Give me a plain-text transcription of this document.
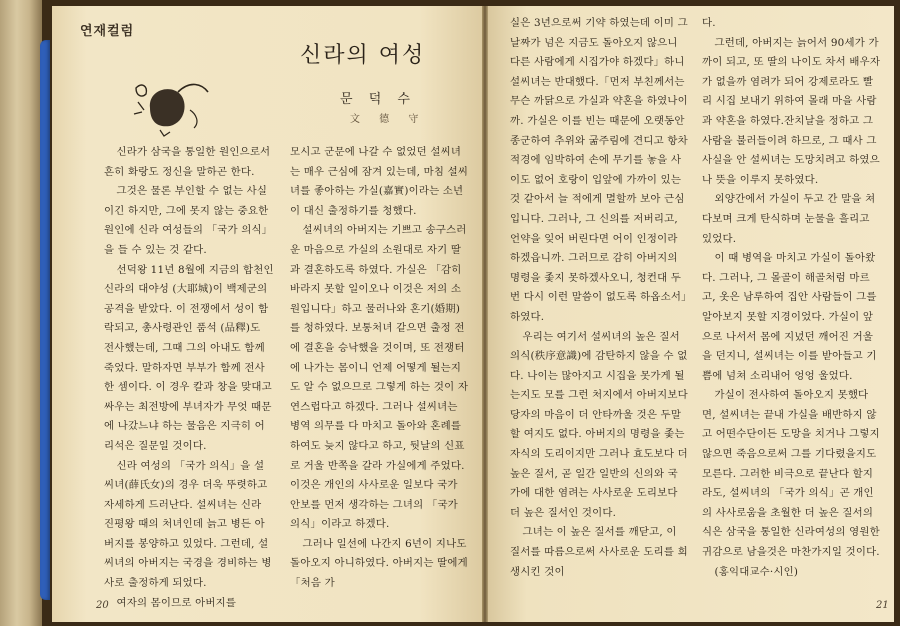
연재컬럼
신라의 여성
문 덕 수
文 德 守

신라가 삼국을 통일한 원인으로서 흔히 화랑도 정신을 말하곤 한다.

그것은 물론 부인할 수 없는 사실이긴 하지만, 그에 못지 않는 중요한 원인에 신라 여성들의 「국가 의식」을 들 수 있는 것 같다.

선덕왕 11년 8월에 지금의 합천인 신라의 대야성 (大耶城)이 백제군의 공격을 받았다. 이 전쟁에서 성이 함락되고, 총사령관인 품석 (品釋)도 전사했는데, 그때 그의 아내도 함께 죽었다. 말하자면 부부가 함께 전사한 셈이다. 이 경우 칼과 창을 맞대고 싸우는 최전방에 부녀자가 무엇 때문에 나갔느냐 하는 물음은 지극히 어리석은 질문일 것이다.

신라 여성의 「국가 의식」을 설씨녀(薛氏女)의 경우 더욱 뚜렷하고 자세하게 드러난다. 설씨녀는 신라 진평왕 때의 처녀인데 늙고 병든 아버지를 봉양하고 있었다. 그런데, 설씨녀의 아버지는 국경을 경비하는 병사로 출정하게 되었다.

여자의 몸이므로 아버지를

모시고 군문에 나갈 수 없었던 설씨녀는 매우 근심에 잠겨 있는데, 마침 설씨녀를 좋아하는 가실(嘉實)이라는 소년이 대신 출정하기를 청했다.

설씨녀의 아버지는 기쁘고 송구스러운 마음으로 가실의 소원대로 자기 딸과 결혼하도록 하였다. 가실은 「감히 바라지 못할 일이오나 이것은 저의 소원입니다」하고 물러나와 혼기(婚期)를 청하였다. 보통처녀 같으면 출정 전에 결혼을 승낙했을 것이며, 또 전쟁터에 나가는 몸이니 언제 어떻게 될는지도 알 수 없으므로 그렇게 하는 것이 자연스럽다고 하겠다. 그러나 설씨녀는 병역 의무를 다 마치고 돌아와 혼례를 하여도 늦지 않다고 하고, 둿날의 신표로 거울 반쪽을 갈라 가실에게 주었다. 이것은 개인의 사사로운 일보다 국가 안보를 먼저 생각하는 그녀의 「국가 의식」이라고 하겠다.

그러나 일선에 나간지 6년이 지나도 돌아오지 아니하였다. 아버지는 딸에게 「처음 가

실은 3년으로써 기약 하였는데 이미 그 날짜가 넘은 지금도 돌아오지 않으니 다른 사람에게 시집가야 하겠다」하니 설씨녀는 반대했다.「먼저 부친께서는 무슨 까닭으로 가실과 약혼을 하였나이까. 가실은 이를 빈는 때문에 오랫동안 종군하여 추위와 굶주림에 견디고 항차 적경에 임박하여 손에 무기를 놓을 사이도 없어 호랑이 입앞에 가까이 있는 것 같아서 늘 적에게 멸할까 보아 근심입니다. 그러나, 그 신의를 저버리고, 언약을 잊어 버린다면 어이 인정이라 하겠읍니까. 그러므로 감히 아버지의 명령을 좇지 못하겠사오니, 청컨대 두번 다시 이런 말씀이 없도록 하옵소서」하였다.

우리는 여기서 설씨녀의 높은 질서의식(秩序意識)에 감탄하지 않을 수 없다. 나이는 많아지고 시집을 못가게 될는지도 모를 그런 처지에서 아버지보다 당자의 마음이 더 안타까울 것은 두말할 여지도 없다. 아버지의 명령을 좇는 자식의 도리이지만 그러나 효도보다 더 높은 질서, 곧 일간 일반의 신의와 국가에 대한 염려는 사사로운 도리보다 더 높은 질서인 것이다.

그녀는 이 높은 질서를 깨닫고, 이 질서를 따름으로써 사사로운 도리를 희생시킨 것이

다.

그런데, 아버지는 늙어서 90세가 가까이 되고, 또 딸의 나이도 차서 배우자가 없을까 염려가 되어 강제로라도 빨리 시집 보내기 위하여 몰래 마을 사람과 약혼을 하였다.잔치날을 정하고 그 사람을 불러들이려 하므로, 그 때사 그 사실을 안 설씨녀는 도망치려고 하였으나 뜻을 이루지 못하였다.

외양간에서 가실이 두고 간 말을 쳐다보며 크게 탄식하며 눈물을 흘리고 있었다.

이 때 병역을 마치고 가실이 돌아왔다. 그러나, 그 몰골이 해골처럼 마르고, 옷은 남루하여 집안 사람들이 그를 알아보지 못할 지경이었다. 가실이 앞으로 나서서 몸에 지녔던 깨어진 거울을 던지니, 설씨녀는 이를 받아들고 기쁨에 넘쳐 소리내어 엉엉 울었다.

가실이 전사하여 돌아오지 못했다면, 설씨녀는 끝내 가실을 배반하지 않고 어떤수단이든 도망을 치거나 그렇지 않으면 죽음으로써 그를 기다렸을지도 모른다. 그러한 비극으로 끝난다 할지라도, 설씨녀의 「국가 의식」곤 개인의 사사로움을 초월한 더 높은 질서의식은 삼국을 통일한 신라여성의 영원한 귀감으로 남을것은 마찬가지일 것이다.

(홍익대교수·시인)

20	21
